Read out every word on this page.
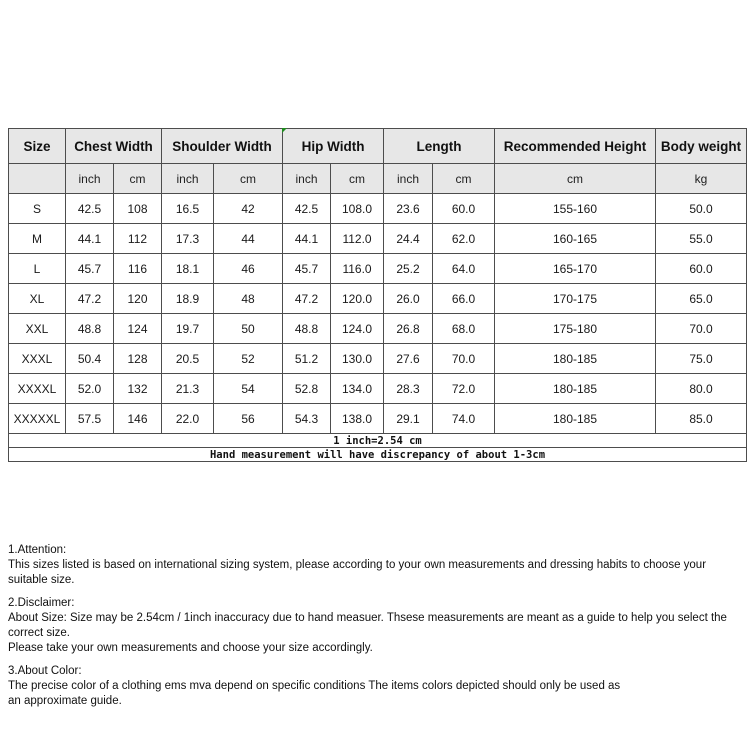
Size	Chest Width		Shoulder Width		Hip Width		Length		Recommended Height	Body weight
	inch	cm	inch	cm	inch	cm	inch	cm	cm	kg
S	42.5	108	16.5	42	42.5	108.0	23.6	60.0	155-160	50.0
M	44.1	112	17.3	44	44.1	112.0	24.4	62.0	160-165	55.0
L	45.7	116	18.1	46	45.7	116.0	25.2	64.0	165-170	60.0
XL	47.2	120	18.9	48	47.2	120.0	26.0	66.0	170-175	65.0
XXL	48.8	124	19.7	50	48.8	124.0	26.8	68.0	175-180	70.0
XXXL	50.4	128	20.5	52	51.2	130.0	27.6	70.0	180-185	75.0
XXXXL	52.0	132	21.3	54	52.8	134.0	28.3	72.0	180-185	80.0
XXXXXL	57.5	146	22.0	56	54.3	138.0	29.1	74.0	180-185	85.0
1 inch=2.54 cm										
Hand measurement will have discrepancy of about 1-3cm										
1.Attention:

This sizes listed is based on international sizing system, please according to your own measurements and dressing habits to choose your suitable size.

2.Disclaimer:

About Size: Size may be 2.54cm / 1inch inaccuracy due to hand measuer. Thsese measurements are meant as a guide to help you select the correct size.

Please take your own measurements and choose your size accordingly.

3.About Color:

The precise color of a clothing ems mva depend on specific conditions The items colors depicted should only be used as

an approximate guide.
